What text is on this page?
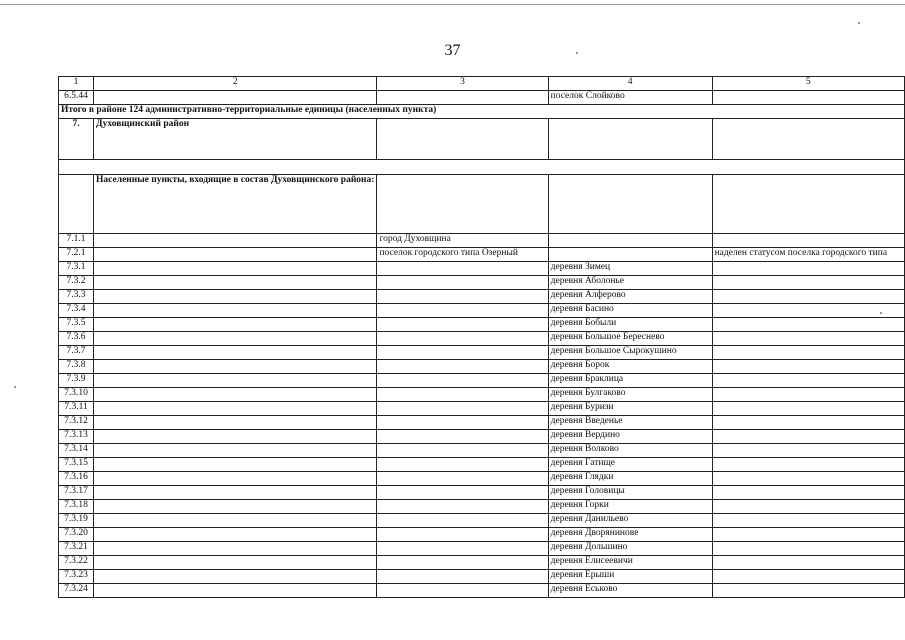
37
1	2	3	4	5
6.5.44			поселок Слойково	
Итого в районе 124 административно-территориальные единицы (населенных пункта)				
7.	Духовщинский район			

	Населенные пункты, входящие в состав Духовщинского района:			
7.1.1		город Духовщина		
7.2.1		поселок городского типа Озерный		наделен статусом поселка городского типа
7.3.1			деревня Зимец	
7.3.2			деревня Аболонье	
7.3.3			деревня Алферово	
7.3.4			деревня Басино	
7.3.5			деревня Бобыли	
7.3.6			деревня Большое Береснево	
7.3.7			деревня Большое Сырокушино	
7.3.8			деревня Борок	
7.3.9			деревня Браклица	
7.3.10			деревня Булгаково	
7.3.11			деревня Буризи	
7.3.12			деревня Введенье	
7.3.13			деревня Вердино	
7.3.14			деревня Волково	
7.3.15			деревня Гатище	
7.3.16			деревня Глядки	
7.3.17			деревня Головицы	
7.3.18			деревня Горки	
7.3.19			деревня Данильево	
7.3.20			деревня Дворянинове	
7.3.21			деревня Дольшино	
7.3.22			деревня Елисеевичи	
7.3.23			деревня Ерыши	
7.3.24			деревня Еськово	
